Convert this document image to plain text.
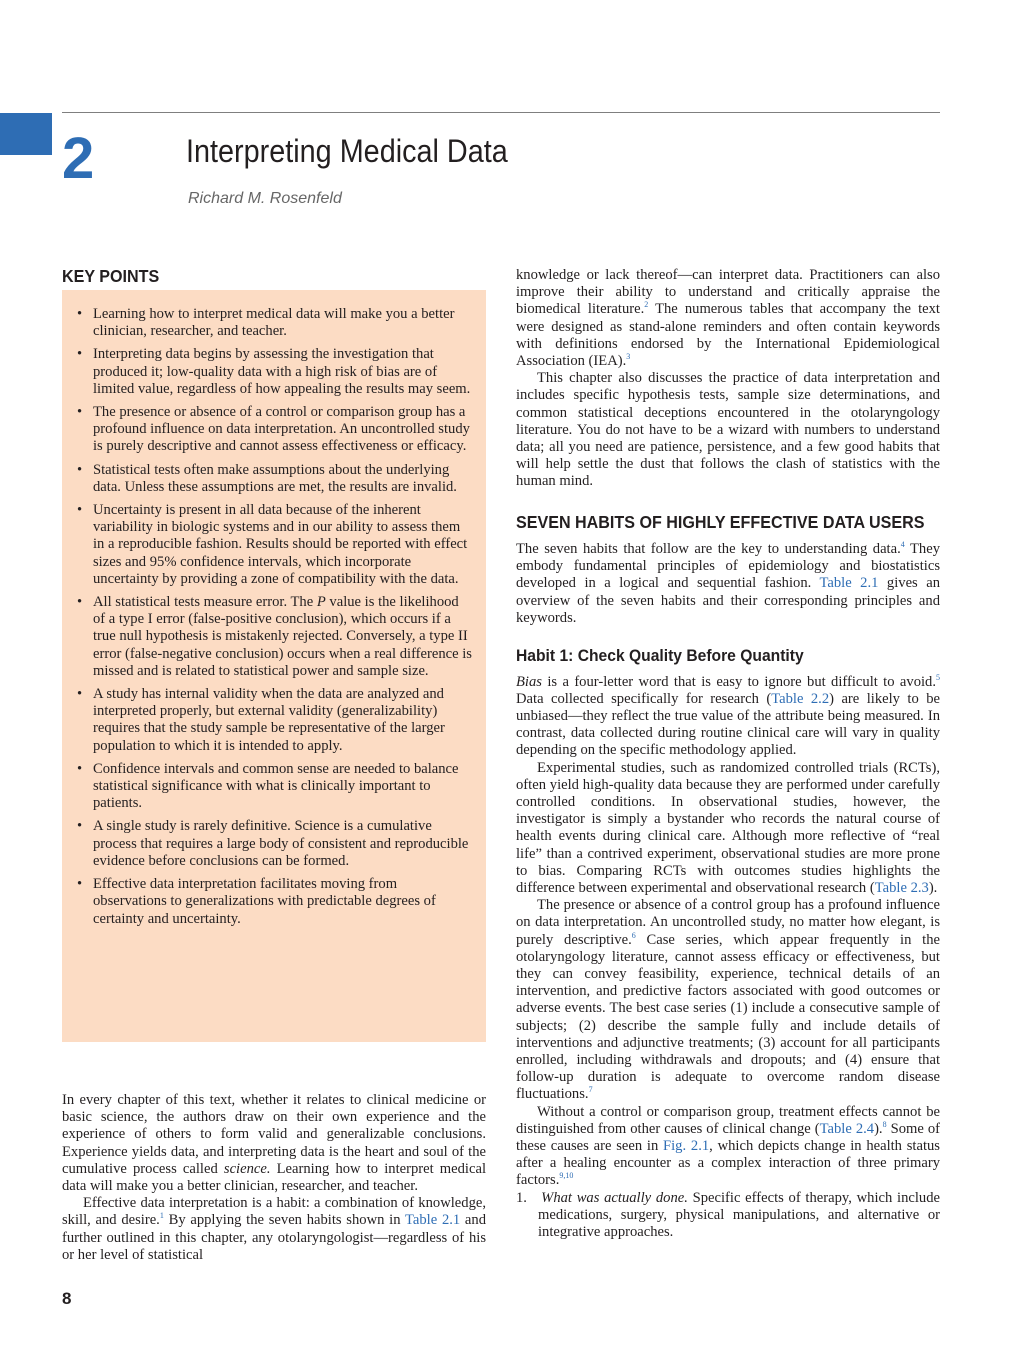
2	Interpreting Medical Data
Richard M. Rosenfeld
KEY POINTS
• Learning how to interpret medical data will make you a better clinician, researcher, and teacher.
• Interpreting data begins by assessing the investigation that produced it; low-quality data with a high risk of bias are of limited value, regardless of how appealing the results may seem.
• The presence or absence of a control or comparison group has a profound influence on data interpretation. An uncontrolled study is purely descriptive and cannot assess effectiveness or efficacy.
• Statistical tests often make assumptions about the underlying data. Unless these assumptions are met, the results are invalid.
• Uncertainty is present in all data because of the inherent variability in biologic systems and in our ability to assess them in a reproducible fashion. Results should be reported with effect sizes and 95% confidence intervals, which incorporate uncertainty by providing a zone of compatibility with the data.
• All statistical tests measure error. The P value is the likelihood of a type I error (false-positive conclusion), which occurs if a true null hypothesis is mistakenly rejected. Conversely, a type II error (false-negative conclusion) occurs when a real difference is missed and is related to statistical power and sample size.
• A study has internal validity when the data are analyzed and interpreted properly, but external validity (generalizability) requires that the study sample be representative of the larger population to which it is intended to apply.
• Confidence intervals and common sense are needed to balance statistical significance with what is clinically important to patients.
• A single study is rarely definitive. Science is a cumulative process that requires a large body of consistent and reproducible evidence before conclusions can be formed.
• Effective data interpretation facilitates moving from observations to generalizations with predictable degrees of certainty and uncertainty.

In every chapter of this text, whether it relates to clinical medicine or basic science, the authors draw on their own experience and the experience of others to form valid and generalizable conclusions. Experience yields data, and interpreting data is the heart and soul of the cumulative process called science. Learning how to interpret medical data will make you a better clinician, researcher, and teacher.

Effective data interpretation is a habit: a combination of knowledge, skill, and desire.$^1$ By applying the seven habits shown in Table 2.1 and further outlined in this chapter, any otolaryngologist—regardless of his or her level of statistical

knowledge or lack thereof—can interpret data. Practitioners can also improve their ability to understand and critically appraise the biomedical literature.$^2$ The numerous tables that accompany the text were designed as stand-alone reminders and often contain keywords with definitions endorsed by the International Epidemiological Association (IEA).$^3$

This chapter also discusses the practice of data interpretation and includes specific hypothesis tests, sample size determinations, and common statistical deceptions encountered in the otolaryngology literature. You do not have to be a wizard with numbers to understand data; all you need are patience, persistence, and a few good habits that will help settle the dust that follows the clash of statistics with the human mind.

SEVEN HABITS OF HIGHLY EFFECTIVE DATA USERS

The seven habits that follow are the key to understanding data.$^4$ They embody fundamental principles of epidemiology and biostatistics developed in a logical and sequential fashion. Table 2.1 gives an overview of the seven habits and their corresponding principles and keywords.

Habit 1: Check Quality Before Quantity

Bias is a four-letter word that is easy to ignore but difficult to avoid.$^5$ Data collected specifically for research (Table 2.2) are likely to be unbiased—they reflect the true value of the attribute being measured. In contrast, data collected during routine clinical care will vary in quality depending on the specific methodology applied.

Experimental studies, such as randomized controlled trials (RCTs), often yield high-quality data because they are performed under carefully controlled conditions. In observational studies, however, the investigator is simply a bystander who records the natural course of health events during clinical care. Although more reflective of “real life” than a contrived experiment, observational studies are more prone to bias. Comparing RCTs with outcomes studies highlights the difference between experimental and observational research (Table 2.3).

The presence or absence of a control group has a profound influence on data interpretation. An uncontrolled study, no matter how elegant, is purely descriptive.$^6$ Case series, which appear frequently in the otolaryngology literature, cannot assess efficacy or effectiveness, but they can convey feasibility, experience, technical details of an intervention, and predictive factors associated with good outcomes or adverse events. The best case series (1) include a consecutive sample of subjects; (2) describe the sample fully and include details of interventions and adjunctive treatments; (3) account for all participants enrolled, including withdrawals and dropouts; and (4) ensure that follow-up duration is adequate to overcome random disease fluctuations.$^7$

Without a control or comparison group, treatment effects cannot be distinguished from other causes of clinical change (Table 2.4).$^8$ Some of these causes are seen in Fig. 2.1, which depicts change in health status after a healing encounter as a complex interaction of three primary factors.$^{9,10}$

1. What was actually done. Specific effects of therapy, which include medications, surgery, physical manipulations, and alternative or integrative approaches.

8
